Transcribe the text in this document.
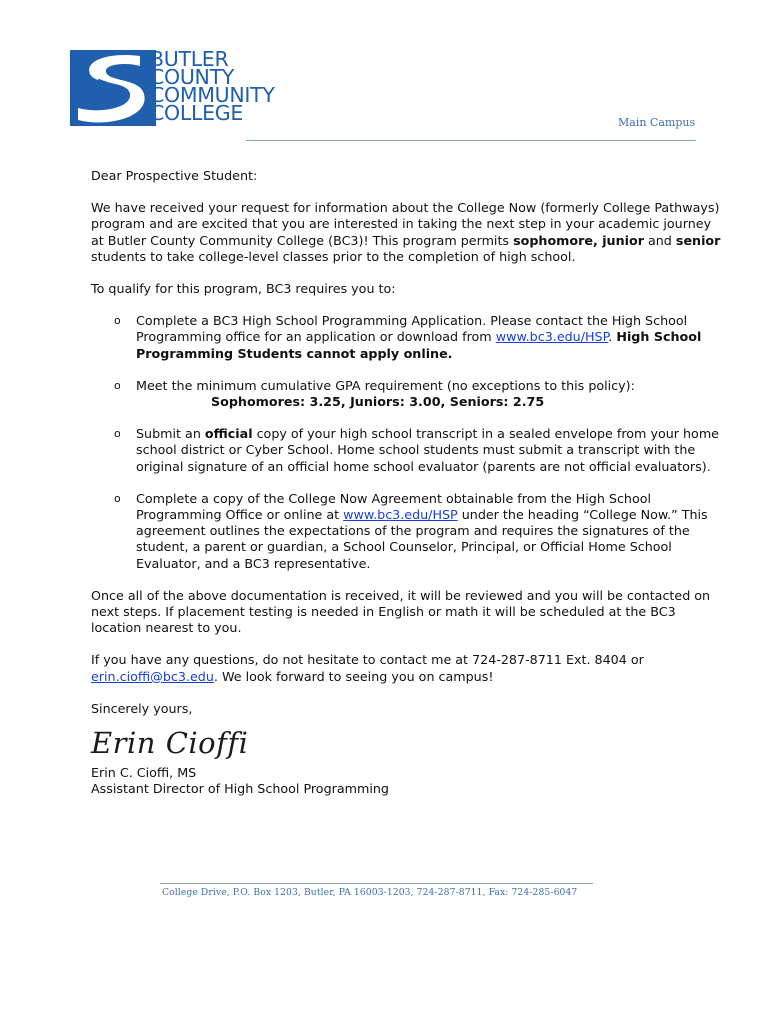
BUTLER
COUNTY
COMMUNITY
COLLEGE	Main Campus

Dear Prospective Student:

We have received your request for information about the College Now (formerly College Pathways) program and are excited that you are interested in taking the next step in your academic journey at Butler County Community College (BC3)! This program permits sophomore, junior and senior students to take college-level classes prior to the completion of high school.

To qualify for this program, BC3 requires you to:

o Complete a BC3 High School Programming Application. Please contact the High School Programming office for an application or download from www.bc3.edu/HSP. High School Programming Students cannot apply online.
o Meet the minimum cumulative GPA requirement (no exceptions to this policy):
Sophomores: 3.25, Juniors: 3.00, Seniors: 2.75
o Submit an official copy of your high school transcript in a sealed envelope from your home school district or Cyber School. Home school students must submit a transcript with the original signature of an official home school evaluator (parents are not official evaluators).
o Complete a copy of the College Now Agreement obtainable from the High School Programming Office or online at www.bc3.edu/HSP under the heading “College Now.” This agreement outlines the expectations of the program and requires the signatures of the student, a parent or guardian, a School Counselor, Principal, or Official Home School Evaluator, and a BC3 representative.

Once all of the above documentation is received, it will be reviewed and you will be contacted on next steps. If placement testing is needed in English or math it will be scheduled at the BC3 location nearest to you.

If you have any questions, do not hesitate to contact me at 724-287-8711 Ext. 8404 or erin.cioffi@bc3.edu. We look forward to seeing you on campus!

Sincerely yours,

Erin Cioffi

Erin C. Cioffi, MS

Assistant Director of High School Programming

College Drive, P.O. Box 1203, Butler, PA 16003-1203, 724-287-8711, Fax: 724-285-6047
